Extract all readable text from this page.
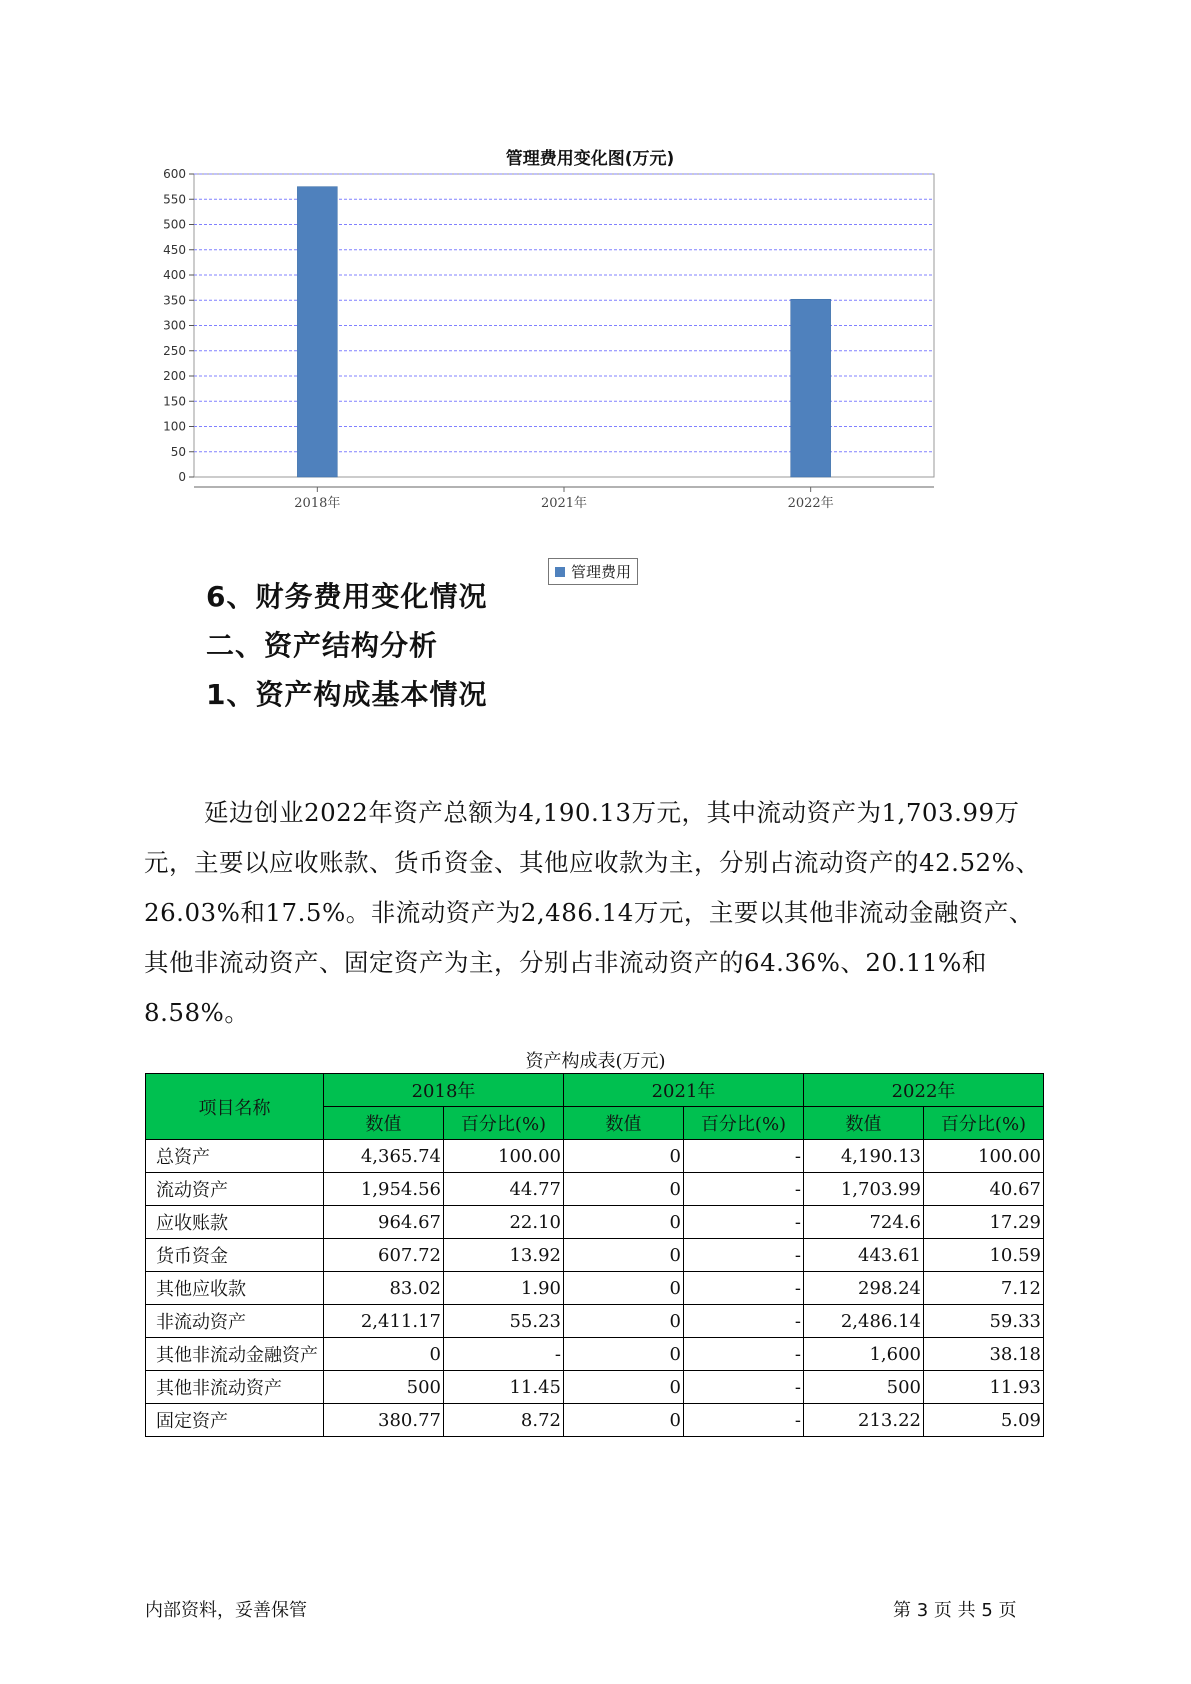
管理费用变化图(万元)
0
50
100
150
200
250
300
350
400
450
500
550
600
2018年	2021年	2022年
管理费用
6、财务费用变化情况
二、资产结构分析
1、资产构成基本情况
延边创业2022年资产总额为4,190.13万元，其中流动资产为1,703.99万元，主要以应收账款、货币资金、其他应收款为主，分别占流动资产的42.52%、26.03%和17.5%。非流动资产为2,486.14万元，主要以其他非流动金融资产、其他非流动资产、固定资产为主，分别占非流动资产的64.36%、20.11%和8.58%。
资产构成表(万元)
项目名称	2018年		2021年		2022年	
	数值	百分比(%)	数值	百分比(%)	数值	百分比(%)
总资产	4,365.74	100.00	0	-	4,190.13	100.00
流动资产	1,954.56	44.77	0	-	1,703.99	40.67
应收账款	964.67	22.10	0	-	724.6	17.29
货币资金	607.72	13.92	0	-	443.61	10.59
其他应收款	83.02	1.90	0	-	298.24	7.12
非流动资产	2,411.17	55.23	0	-	2,486.14	59.33
其他非流动金融资产	0	-	0	-	1,600	38.18
其他非流动资产	500	11.45	0	-	500	11.93
固定资产	380.77	8.72	0	-	213.22	5.09
内部资料，妥善保管	第 3 页 共 5 页
